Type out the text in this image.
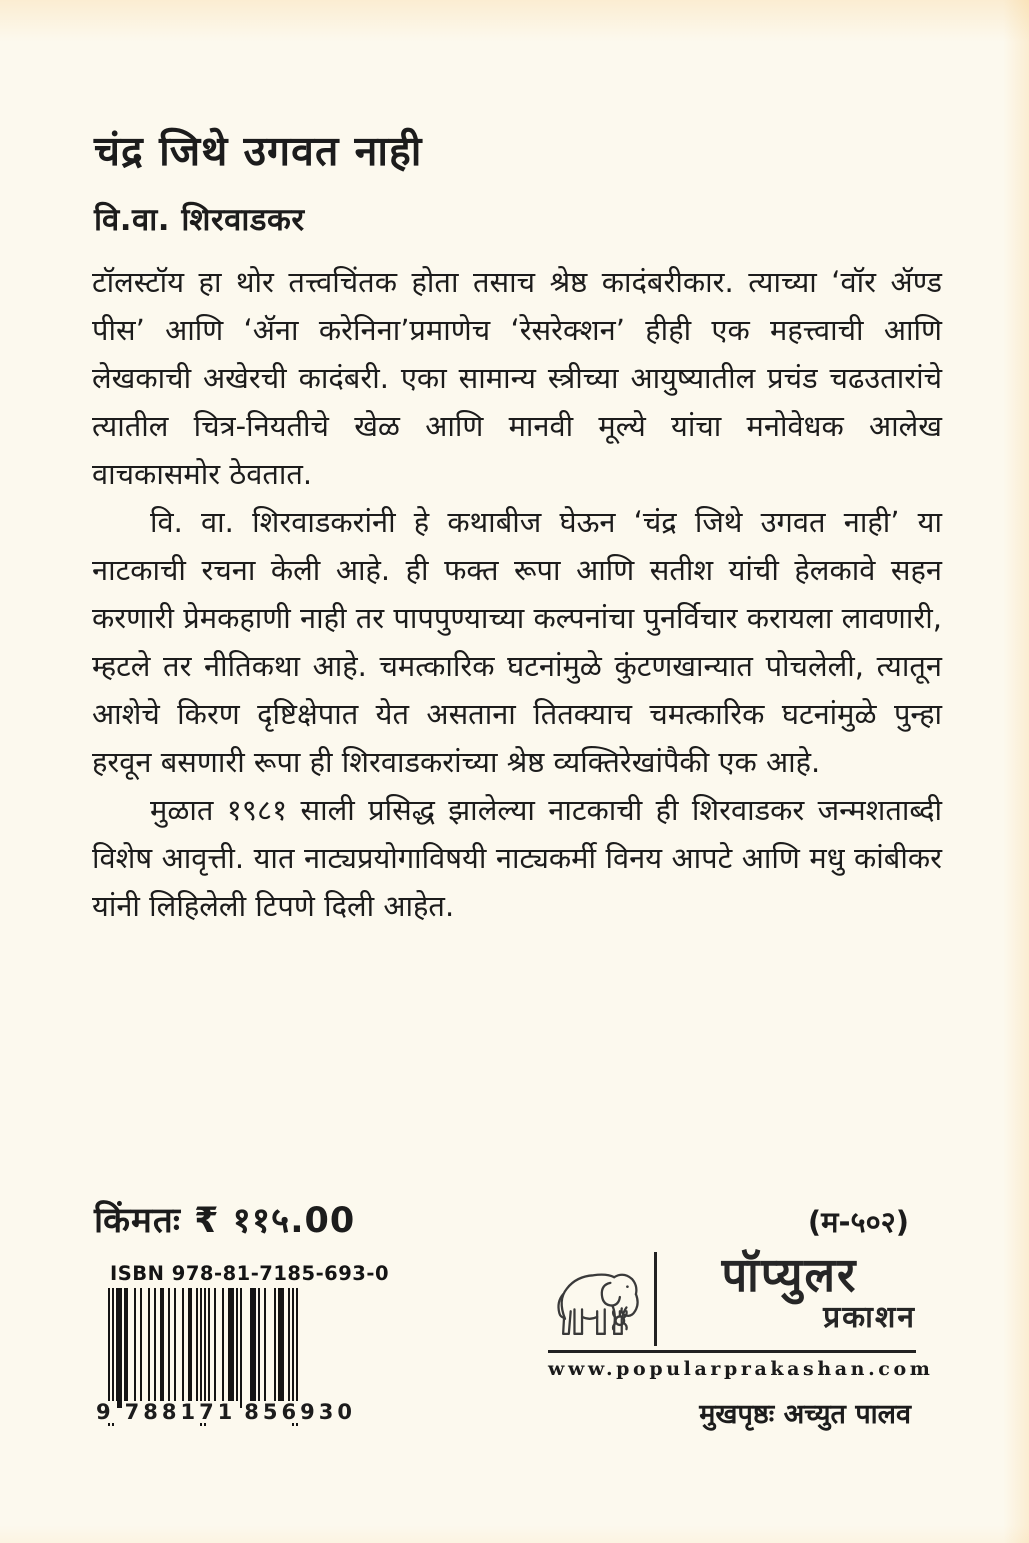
चंद्र जिथे उगवत नाही
वि.वा. शिरवाडकर

टॉलस्टॉय हा थोर तत्त्वचिंतक होता तसाच श्रेष्ठ कादंबरीकार. त्याच्या ‘वॉर ॲण्ड पीस’ आणि ‘ॲना करेनिना’प्रमाणेच ‘रेसरेक्शन’ हीही एक महत्त्वाची आणि लेखकाची अखेरची कादंबरी. एका सामान्य स्त्रीच्या आयुष्यातील प्रचंड चढउतारांचे त्यातील चित्र-नियतीचे खेळ आणि मानवी मूल्ये यांचा मनोवेधक आलेख वाचकासमोर ठेवतात.

वि. वा. शिरवाडकरांनी हे कथाबीज घेऊन ‘चंद्र जिथे उगवत नाही’ या नाटकाची रचना केली आहे. ही फक्त रूपा आणि सतीश यांची हेलकावे सहन करणारी प्रेमकहाणी नाही तर पापपुण्याच्या कल्पनांचा पुनर्विचार करायला लावणारी, म्हटले तर नीतिकथा आहे. चमत्कारिक घटनांमुळे कुंटणखान्यात पोचलेली, त्यातून आशेचे किरण दृष्टिक्षेपात येत असताना तितक्याच चमत्कारिक घटनांमुळे पुन्हा हरवून बसणारी रूपा ही शिरवाडकरांच्या श्रेष्ठ व्यक्तिरेखांपैकी एक आहे.

मुळात १९८१ साली प्रसिद्ध झालेल्या नाटकाची ही शिरवाडकर जन्मशताब्दी विशेष आवृत्ती. यात नाट्यप्रयोगाविषयी नाट्यकर्मी विनय आपटे आणि मधु कांबीकर यांनी लिहिलेली टिपणे दिली आहेत.

किंमतः ₹ ११५.00	(म-५०२)
ISBN 978-81-7185-693-0
9 788171 856930
पॉप्युलर
प्रकाशन
www.popularprakashan.com
मुखपृष्ठः अच्युत पालव
